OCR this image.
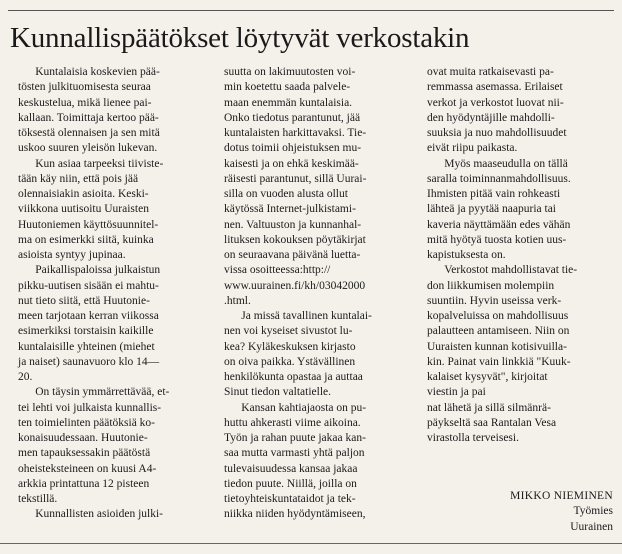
Kunnallispäätökset löytyvät verkostakin
  Kuntalaisia koskevien pää-
tösten julkituomisesta seuraa
keskustelua, mikä lienee pai-
kallaan. Toimittaja kertoo pää-
töksestä olennaisen ja sen mitä
uskoo suuren yleisön lukevan.
  Kun asiaa tarpeeksi tiiviste-
tään käy niin, että pois jää
olennaisiakin asioita. Keski-
viikkona uutisoitu Uuraisten
Huutoniemen käyttösuunnitel-
ma on esimerkki siitä, kuinka
asioista syntyy jupinaa.
  Paikallispaloissa julkaistun
pikku-uutisen sisään ei mahtu-
nut tieto siitä, että Huutonie-
meen tarjotaan kerran viikossa
esimerkiksi torstaisin kaikille
kuntalaisille yhteinen (miehet
ja naiset) saunavuoro klo 14—
20.
  On täysin ymmärrettävää, et-
tei lehti voi julkaista kunnallis-
ten toimielinten päätöksiä ko-
konaisuudessaan. Huutonie-
men tapauksessakin päätöstä
oheisteksteineen on kuusi A4-
arkkia printattuna 12 pisteen
tekstillä.
  Kunnallisten asioiden julki-
suutta on lakimuutosten voi-
min koetettu saada palvele-
maan enemmän kuntalaisia.
Onko tiedotus parantunut, jää
kuntalaisten harkittavaksi. Tie-
dotus toimii ohjeistuksen mu-
kaisesti ja on ehkä keskimää-
räisesti parantunut, sillä Uurai-
silla on vuoden alusta ollut
käytössä Internet-julkistami-
nen. Valtuuston ja kunnanhal-
lituksen kokouksen pöytäkirjat
on seuraavana päivänä luetta-
vissa osoitteessa:http://
www.uurainen.fi/kh/03042000
.html.
  Ja missä tavallinen kuntalai-
nen voi kyseiset sivustot lu-
kea? Kyläkeskuksen kirjasto
on oiva paikka. Ystävällinen
henkilökunta opastaa ja auttaa
Sinut tiedon valtatielle.
  Kansan kahtiajaosta on pu-
huttu ahkerasti viime aikoina.
Työn ja rahan puute jakaa kan-
saa mutta varmasti yhtä paljon
tulevaisuudessa kansaa jakaa
tiedon puute. Niillä, joilla on
tietoyhteiskuntataidot ja tek-
niikka niiden hyödyntämiseen,
ovat muita ratkaisevasti pa-
remmassa asemassa. Erilaiset
verkot ja verkostot luovat nii-
den hyödyntäjille mahdolli-
suuksia ja nuo mahdollisuudet
eivät riipu paikasta.
  Myös maaseudulla on tällä
saralla toiminnanmahdollisuus.
Ihmisten pitää vain rohkeasti
lähteä ja pyytää naapuria tai
kaveria näyttämään edes vähän
mitä hyötyä tuosta kotien uus-
kapistuksesta on.
  Verkostot mahdollistavat tie-
don liikkumisen molempiin
suuntiin. Hyvin useissa verk-
kopalveluissa on mahdollisuus
palautteen antamiseen. Niin on
Uuraisten kunnan kotisivuilla-
kin. Painat vain linkkiä "Kuuk-
kalaiset kysyvät", kirjoitat
viestin ja pai
nat lähetä ja sillä silmänrä-
päykseltä saa Rantalan Vesa
virastolla terveisesi.
MIKKO NIEMINEN
Työmies
Uurainen
